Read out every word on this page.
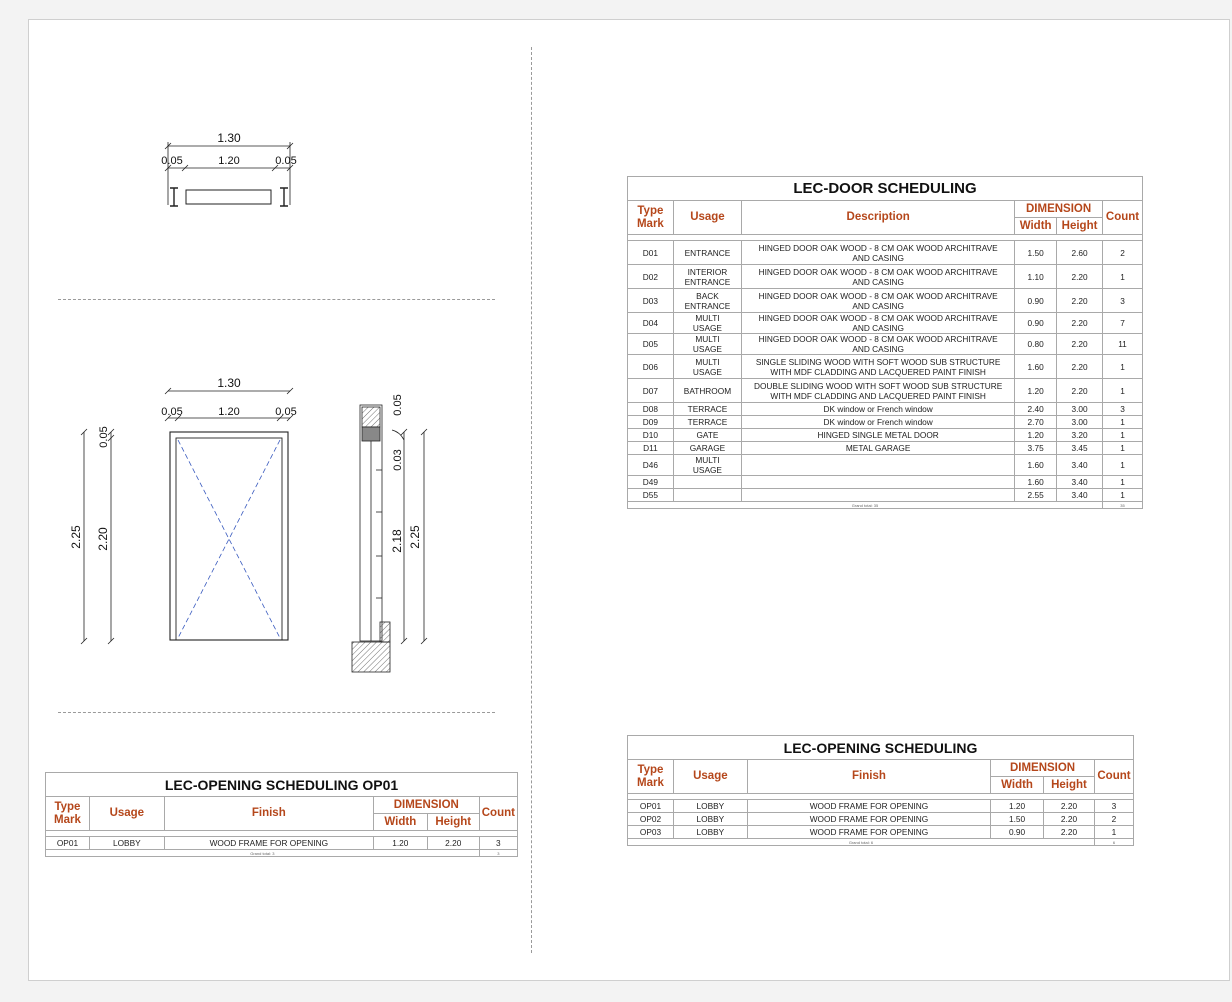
1.30
0.05	1.20	0.05
1.30
0.05	1.20	0.05
2.25
0.05
2.20
0.05
0.03
2.18 2.25
LEC-DOOR SCHEDULING					
Type Mark	Usage	Description	DIMENSION		Count
			Width	Height	

D01	ENTRANCE	HINGED DOOR OAK WOOD - 8 CM OAK WOOD ARCHITRAVE AND CASING	1.50	2.60	2
D02	INTERIOR ENTRANCE	HINGED DOOR OAK WOOD - 8 CM OAK WOOD ARCHITRAVE AND CASING	1.10	2.20	1
D03	BACK ENTRANCE	HINGED DOOR OAK WOOD - 8 CM OAK WOOD ARCHITRAVE AND CASING	0.90	2.20	3
D04	MULTI USAGE	HINGED DOOR OAK WOOD - 8 CM OAK WOOD ARCHITRAVE AND CASING	0.90	2.20	7
D05	MULTI USAGE	HINGED DOOR OAK WOOD - 8 CM OAK WOOD ARCHITRAVE AND CASING	0.80	2.20	11
D06	MULTI USAGE	SINGLE SLIDING WOOD WITH SOFT WOOD SUB STRUCTURE WITH MDF CLADDING AND LACQUERED PAINT FINISH	1.60	2.20	1
D07	BATHROOM	DOUBLE SLIDING WOOD WITH SOFT WOOD SUB STRUCTURE WITH MDF CLADDING AND LACQUERED PAINT FINISH	1.20	2.20	1
D08	TERRACE	DK window or French window	2.40	3.00	3
D09	TERRACE	DK window or French window	2.70	3.00	1
D10	GATE	HINGED SINGLE METAL DOOR	1.20	3.20	1
D11	GARAGE	METAL GARAGE	3.75	3.45	1
D46	MULTI USAGE		1.60	3.40	1
D49			1.60	3.40	1
D55			2.55	3.40	1
Grand total: 35					35
LEC-OPENING SCHEDULING					
Type Mark	Usage	Finish	DIMENSION		Count
			Width	Height	

OP01	LOBBY	WOOD FRAME FOR OPENING	1.20	2.20	3
OP02	LOBBY	WOOD FRAME FOR OPENING	1.50	2.20	2
OP03	LOBBY	WOOD FRAME FOR OPENING	0.90	2.20	1
Grand total: 6					6
LEC-OPENING SCHEDULING OP01					
Type Mark	Usage	Finish	DIMENSION		Count
			Width	Height	

OP01	LOBBY	WOOD FRAME FOR OPENING	1.20	2.20	3
Grand total: 3					3
